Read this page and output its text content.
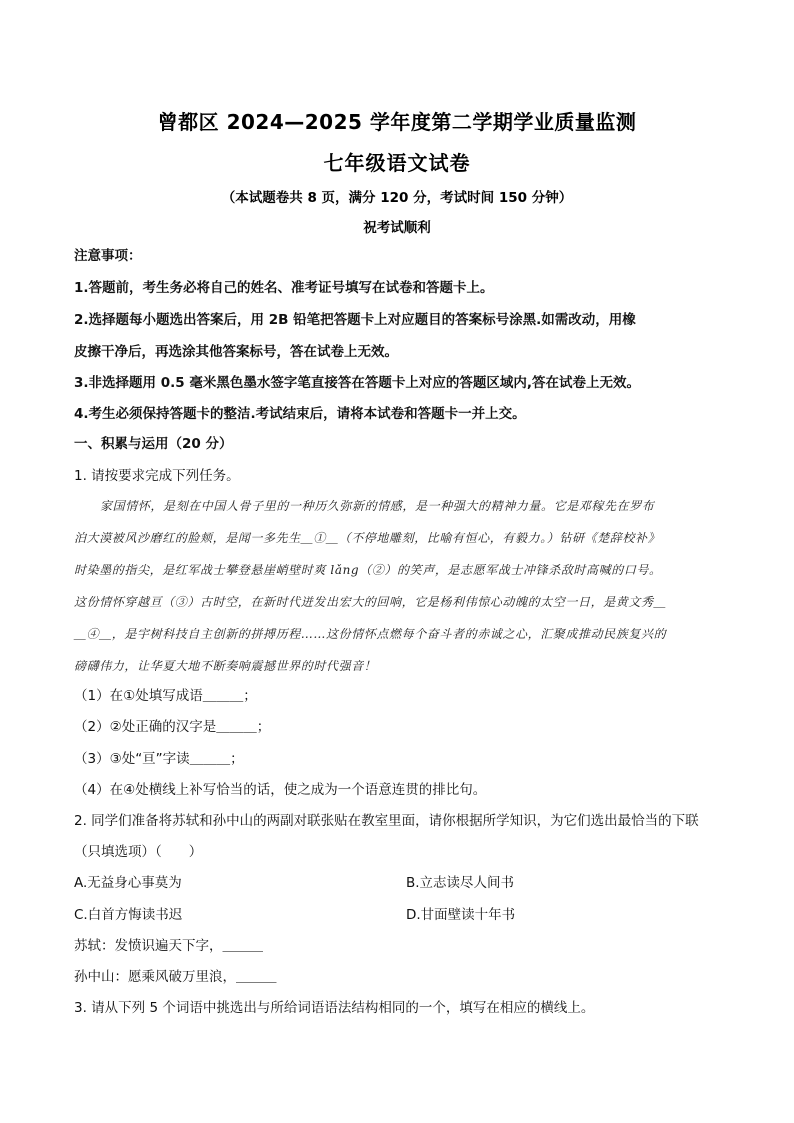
曾都区 2024—2025 学年度第二学期学业质量监测
七年级语文试卷
（本试题卷共 8 页，满分 120 分，考试时间 150 分钟）
祝考试顺利
注意事项：
1.答题前，考生务必将自己的姓名、准考证号填写在试卷和答题卡上。
2.选择题每小题选出答案后，用 2B 铅笔把答题卡上对应题目的答案标号涂黑.如需改动，用橡
皮擦干净后，再选涂其他答案标号，答在试卷上无效。
3.非选择题用 0.5 毫米黑色墨水签字笔直接答在答题卡上对应的答题区域内,答在试卷上无效。
4.考生必须保持答题卡的整洁.考试结束后，请将本试卷和答题卡一并上交。
一、积累与运用（20 分）
1. 请按要求完成下列任务。
家国情怀，是刻在中国人骨子里的一种历久弥新的情感，是一种强大的精神力量。它是邓稼先在罗布
泊大漠被风沙磨红的脸颊，是闻一多先生＿①＿（不停地雕刻，比喻有恒心，有毅力。）钻研《楚辞校补》
时染墨的指尖，是红军战士攀登悬崖峭壁时爽 lǎng（②）的笑声，是志愿军战士冲锋杀敌时高喊的口号。
这份情怀穿越亘（③）古时空，在新时代迸发出宏大的回响，它是杨利伟惊心动魄的太空一日，是黄文秀＿
＿④＿，是宇树科技自主创新的拼搏历程……这份情怀点燃每个奋斗者的赤诚之心，汇聚成推动民族复兴的
磅礴伟力，让华夏大地不断奏响震撼世界的时代强音！
（1）在①处填写成语＿＿＿；
（2）②处正确的汉字是＿＿＿；
（3）③处“亘”字读＿＿＿；
（4）在④处横线上补写恰当的话，使之成为一个语意连贯的排比句。
2. 同学们准备将苏轼和孙中山的两副对联张贴在教室里面，请你根据所学知识，为它们选出最恰当的下联
（只填选项）（　　）
A.无益身心事莫为	B.立志读尽人间书
C.白首方悔读书迟	D.甘面壁读十年书
苏轼：发愤识遍天下字，＿＿＿
孙中山：愿乘风破万里浪，＿＿＿
3. 请从下列 5 个词语中挑选出与所给词语语法结构相同的一个，填写在相应的横线上。
